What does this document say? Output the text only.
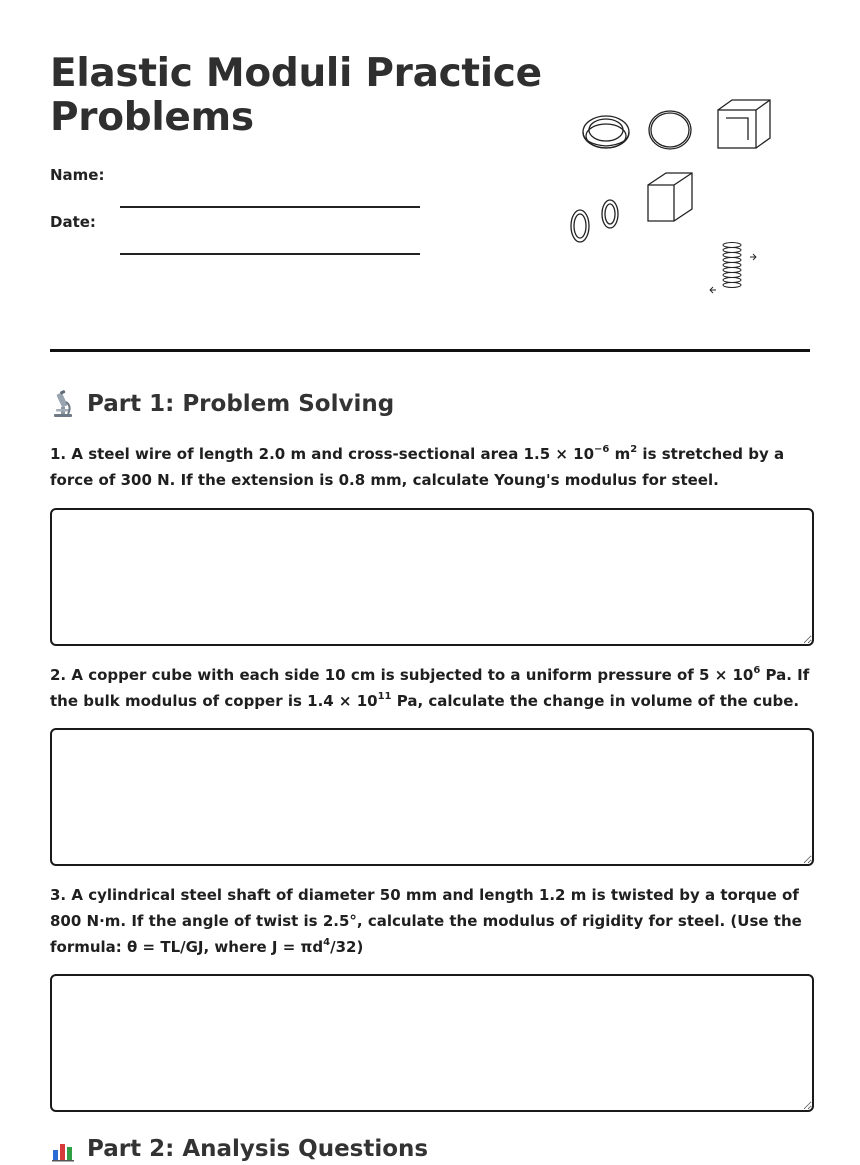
Elastic Moduli Practice Problems
Name:
Date:
Part 1: Problem Solving
1. A steel wire of length 2.0 m and cross-sectional area $1.5 \times 10^{-6}$ $m^2$ is stretched by a force of 300 N. If the extension is 0.8 mm, calculate Young's modulus for steel.
2. A copper cube with each side 10 cm is subjected to a uniform pressure of $5 \times 10^6$ Pa. If the bulk modulus of copper is $1.4 \times 10^{11}$ Pa, calculate the change in volume of the cube.
3. A cylindrical steel shaft of diameter 50 mm and length 1.2 m is twisted by a torque of 800 N·m. If the angle of twist is 2.5°, calculate the modulus of rigidity for steel. (Use the formula: θ = TL/GJ, where $J = \pi d^4/32$)
Part 2: Analysis Questions
